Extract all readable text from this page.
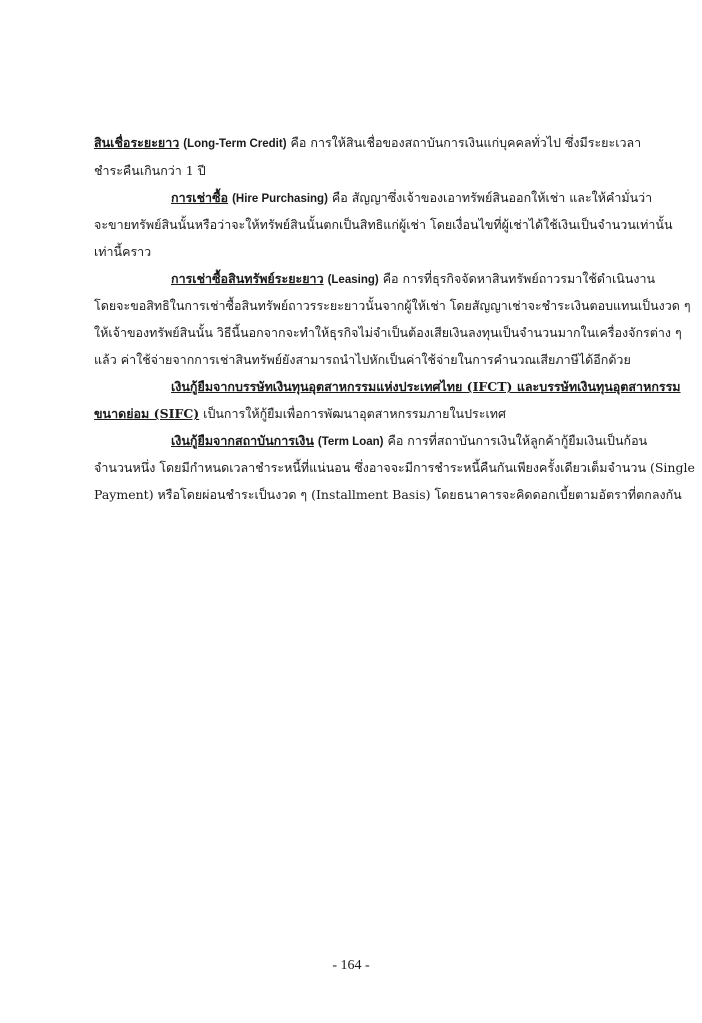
สินเชื่อระยะยาว (Long-Term Credit) คือ การให้สินเชื่อของสถาบันการเงินแก่บุคคลทั่วไป ซึ่งมีระยะเวลา
ชำระคืนเกินกว่า 1 ปี
การเช่าซื้อ (Hire Purchasing) คือ สัญญาซึ่งเจ้าของเอาทรัพย์สินออกให้เช่า และให้คำมั่นว่า
จะขายทรัพย์สินนั้นหรือว่าจะให้ทรัพย์สินนั้นตกเป็นสิทธิแก่ผู้เช่า โดยเงื่อนไขที่ผู้เช่าได้ใช้เงินเป็นจำนวนเท่านั้น
เท่านี้คราว
การเช่าซื้อสินทรัพย์ระยะยาว (Leasing) คือ การที่ธุรกิจจัดหาสินทรัพย์ถาวรมาใช้ดำเนินงาน
โดยจะขอสิทธิในการเช่าซื้อสินทรัพย์ถาวรระยะยาวนั้นจากผู้ให้เช่า โดยสัญญาเช่าจะชำระเงินตอบแทนเป็นงวด ๆ
ให้เจ้าของทรัพย์สินนั้น วิธีนี้นอกจากจะทำให้ธุรกิจไม่จำเป็นต้องเสียเงินลงทุนเป็นจำนวนมากในเครื่องจักรต่าง ๆ
แล้ว ค่าใช้จ่ายจากการเช่าสินทรัพย์ยังสามารถนำไปหักเป็นค่าใช้จ่ายในการคำนวณเสียภาษีได้อีกด้วย
เงินกู้ยืมจากบรรษัทเงินทุนอุตสาหกรรมแห่งประเทศไทย (IFCT) และบรรษัทเงินทุนอุตสาหกรรม
ขนาดย่อม (SIFC) เป็นการให้กู้ยืมเพื่อการพัฒนาอุตสาหกรรมภายในประเทศ
เงินกู้ยืมจากสถาบันการเงิน (Term Loan) คือ การที่สถาบันการเงินให้ลูกค้ากู้ยืมเงินเป็นก้อน
จำนวนหนึ่ง โดยมีกำหนดเวลาชำระหนี้ที่แน่นอน ซึ่งอาจจะมีการชำระหนี้คืนกันเพียงครั้งเดียวเต็มจำนวน (Single
Payment) หรือโดยผ่อนชำระเป็นงวด ๆ (Installment Basis) โดยธนาคารจะคิดดอกเบี้ยตามอัตราที่ตกลงกัน
- 164 -
